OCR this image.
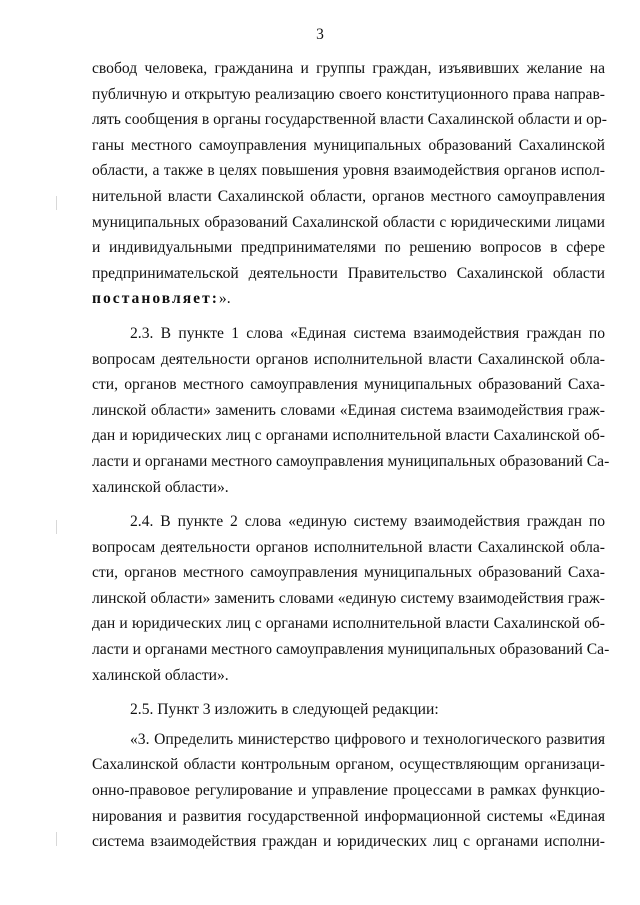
3
свобод человека, гражданина и группы граждан, изъявивших желание на
публичную и открытую реализацию своего конституционного права направ-
лять сообщения в органы государственной власти Сахалинской области и ор-
ганы местного самоуправления муниципальных образований Сахалинской
области, а также в целях повышения уровня взаимодействия органов испол-
нительной власти Сахалинской области, органов местного самоуправления
муниципальных образований Сахалинской области с юридическими лицами
и индивидуальными предпринимателями по решению вопросов в сфере
предпринимательской деятельности Правительство Сахалинской области
постановляет:».
2.3. В пункте 1 слова «Единая система взаимодействия граждан по
вопросам деятельности органов исполнительной власти Сахалинской обла-
сти, органов местного самоуправления муниципальных образований Саха-
линской области» заменить словами «Единая система взаимодействия граж-
дан и юридических лиц с органами исполнительной власти Сахалинской об-
ласти и органами местного самоуправления муниципальных образований Са-
халинской области».
2.4. В пункте 2 слова «единую систему взаимодействия граждан по
вопросам деятельности органов исполнительной власти Сахалинской обла-
сти, органов местного самоуправления муниципальных образований Саха-
линской области» заменить словами «единую систему взаимодействия граж-
дан и юридических лиц с органами исполнительной власти Сахалинской об-
ласти и органами местного самоуправления муниципальных образований Са-
халинской области».
2.5. Пункт 3 изложить в следующей редакции:
«3. Определить министерство цифрового и технологического развития
Сахалинской области контрольным органом, осуществляющим организаци-
онно-правовое регулирование и управление процессами в рамках функцио-
нирования и развития государственной информационной системы «Единая
система взаимодействия граждан и юридических лиц с органами исполни-
